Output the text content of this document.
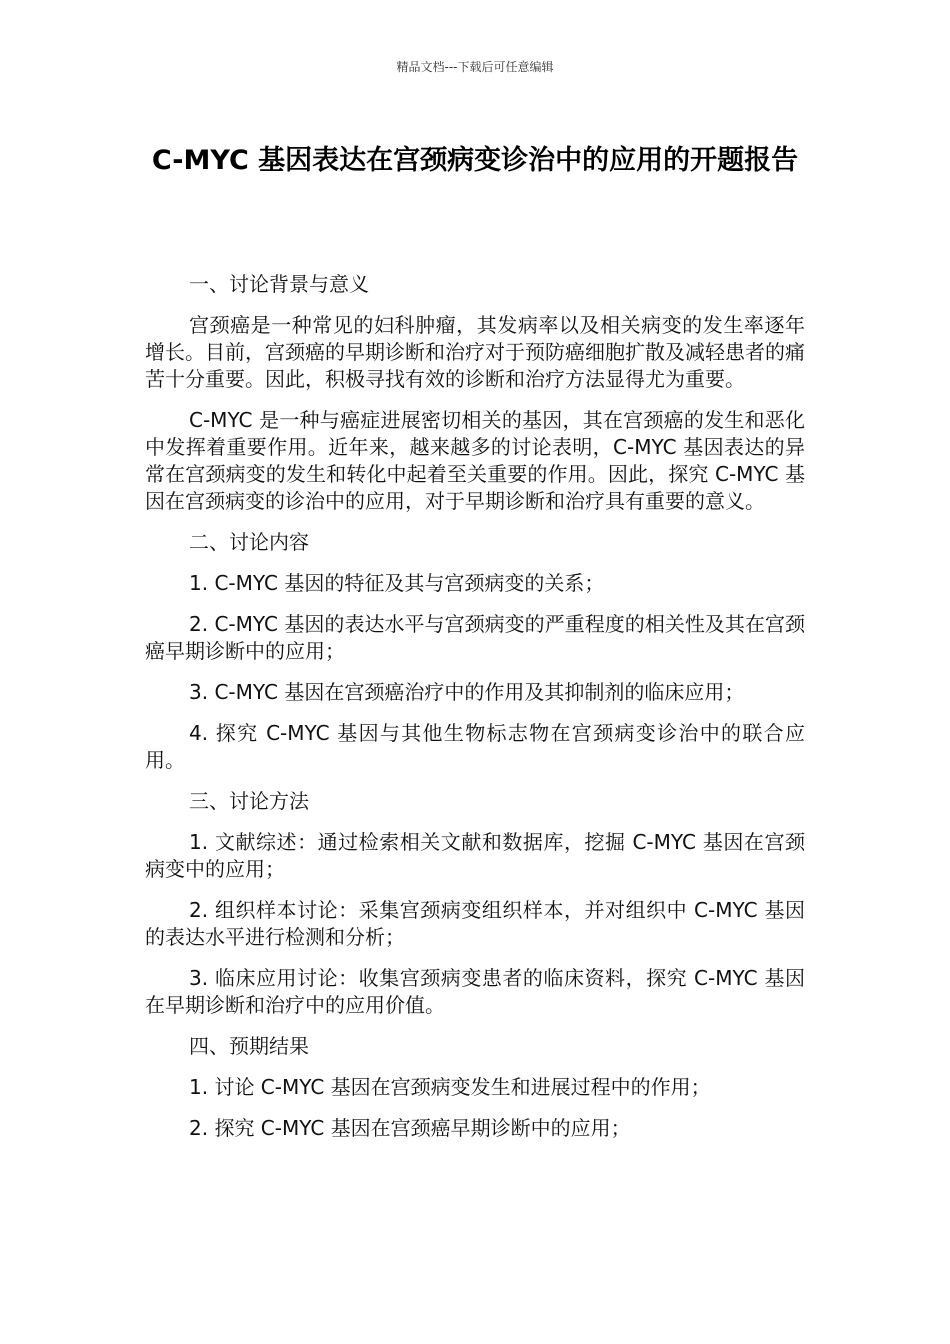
精品文档---下载后可任意编辑
C-MYC 基因表达在宫颈病变诊治中的应用的开题报告

一、讨论背景与意义

宫颈癌是一种常见的妇科肿瘤，其发病率以及相关病变的发生率逐年增长。目前，宫颈癌的早期诊断和治疗对于预防癌细胞扩散及减轻患者的痛苦十分重要。因此，积极寻找有效的诊断和治疗方法显得尤为重要。

C-MYC 是一种与癌症进展密切相关的基因，其在宫颈癌的发生和恶化中发挥着重要作用。近年来，越来越多的讨论表明，C-MYC 基因表达的异常在宫颈病变的发生和转化中起着至关重要的作用。因此，探究 C-MYC 基因在宫颈病变的诊治中的应用，对于早期诊断和治疗具有重要的意义。

二、讨论内容

1. C-MYC 基因的特征及其与宫颈病变的关系；

2. C-MYC 基因的表达水平与宫颈病变的严重程度的相关性及其在宫颈癌早期诊断中的应用；

3. C-MYC 基因在宫颈癌治疗中的作用及其抑制剂的临床应用；

4. 探究 C-MYC 基因与其他生物标志物在宫颈病变诊治中的联合应用。

三、讨论方法

1. 文献综述：通过检索相关文献和数据库，挖掘 C-MYC 基因在宫颈病变中的应用；

2. 组织样本讨论：采集宫颈病变组织样本，并对组织中 C-MYC 基因的表达水平进行检测和分析；

3. 临床应用讨论：收集宫颈病变患者的临床资料，探究 C-MYC 基因在早期诊断和治疗中的应用价值。

四、预期结果

1. 讨论 C-MYC 基因在宫颈病变发生和进展过程中的作用；

2. 探究 C-MYC 基因在宫颈癌早期诊断中的应用；
